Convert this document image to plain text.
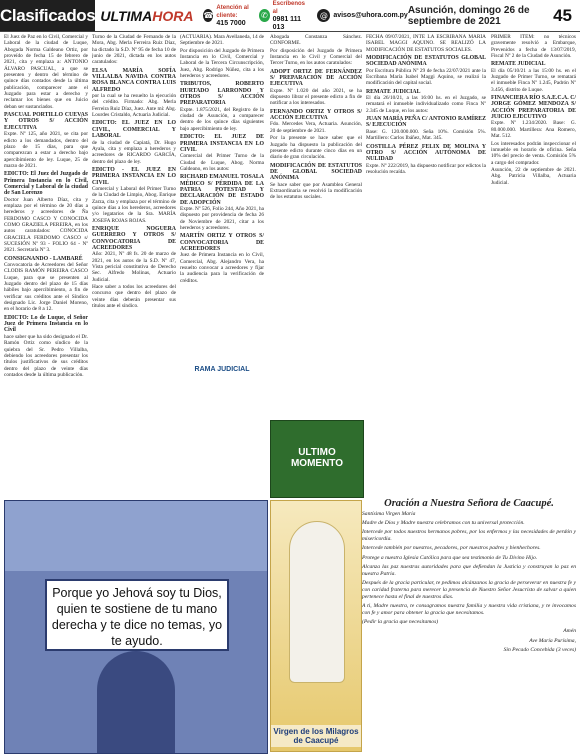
Clasificados ULTIMAHORA ☎
Atención al cliente:
415 7000
✆
Escríbenos al
0981 111 013
@ avisos@uhora.com.py Asunción, domingo 26 de septiembre de 2021	45

El Juez de Paz en lo Civil, Comercial y Laboral de la ciudad de Luque, Abogada Norma Galdeano Ortiz, por proveído de fecha 15 de febrero de 2021, cita y emplaza a: ANTONIO ÁLVARO PASCUAL, a que se presenten y dentro del término de quince días contados desde la última publicación, comparecer ante el Juzgado para estar a derecho y reclamar los bienes que en Juicio deban ser sustanciados.

PASCUAL PORTILLO CUEVAS Y OTROS S/ ACCIÓN EJECUTIVA

Expte. Nº 125, año 2021, se cita por edicto a los demandados, dentro del plazo de 15 días, para que comparezcan a estar a derecho bajo apercibimiento de ley. Luque, 25 de marzo de 2021.

EDICTO: El Juez del Juzgado de Primera Instancia en lo Civil, Comercial y Laboral de la ciudad de San Lorenzo

Doctor Juan Alberto Díaz, cita y emplaza por el término de 20 días a herederos y acreedores de Ña FERDOMO CASCO Y CONOCIDA COMO GRAZIELA PEREIRA, en los autos caratulados: CONOCIDA GRACIELA FERDOMO CASCO s/ SUCESIÓN Nº 93 - FOLIO 64 - Nº 2021. Secretaría Nº 3.

CONSIGNANDO - LAMBARÉ

Convocatoria de Acreedores del Señor CLODIS RAMÓN PEREIRA CASCO Luque, para que se presenten al Juzgado dentro del plazo de 15 días hábiles bajo apercibimiento, a fin de verificar sus créditos ante el Síndico designado Lic. Jorge Daniel Moreno, en el horario de 8 a 12.

EDICTO: Lo de Luque, el Señor Juez de Primera Instancia en lo Civil

hace saber que ha sido designado el Dr. Ramón Ortiz como síndico de la quiebra del Sr. Pedro Villalba, debiendo los acreedores presentar los títulos justificativos de sus créditos dentro del plazo de veinte días contados desde la última publicación.

Turno de la Ciudad de Fernando de la Mora, Abg. Merla Ferreira Ruiz Díaz, ha dictado la S.D. Nº 95 de fecha 10 de junio de 2021, dictada en los autos caratulados:

ELSA MARÍA SOFÍA VILLALBA NAVIDA CONTRA ROSA BLANCA CONTRA LUIS ALFREDO

por la cual se ha resuelto la ejecución del crédito. Firmado: Abg. Merla Ferreira Ruiz Díaz, Juez. Ante mí: Abg. Lourdes Cristaldo, Actuaria Judicial.

EDICTO: EL JUEZ EN LO CIVIL, COMERCIAL Y LABORAL

de la ciudad de Capiatá, Dr. Hugo Ayala, cita y emplaza a herederos y acreedores de RICARDO GARCÍA, dentro del plazo de ley.

EDICTO - EL JUEZ EN PRIMERA INSTANCIA EN LO CIVIL

Comercial y Laboral del Primer Turno de la Ciudad de Limpio, Abog. Enrique Zarza, cita y emplaza por el término de quince días a los herederos, acreedores y/o legatarios de la Sra. MARÍA JOSEFA ROJAS ROJAS.

ENRIQUE NOGUERA GUERRERO Y OTROS S/ CONVOCATORIA DE ACREEDORES

Año: 2021, Nº 48 fs. 20 de marzo de 2021, en los autos de la S.D. Nº 47, Vista pericial constitutiva de Derecho Sec. Alfredo Molinas, Actuario Judicial.

Hace saber a todos los acreedores del concurso que dentro del plazo de veinte días deberán presentar sus títulos ante el síndico.

(ACTUARIA). Mara Avellaneda, 14 de Septiembre de 2021.

Por disposición del Juzgado de Primera Instancia en lo Civil, Comercial y Laboral de la Tercera Circunscripción, Juez, Abg. Rodrigo Núñez, cita a los herederos y acreedores.

TRIBUTOS, ROBERTO HURTADO LARRONDO Y OTROS S/ ACCIÓN PREPARATORIA

Expte. 1.875/2021, del Registro de la ciudad de Asunción, a comparecer dentro de los quince días siguientes bajo apercibimiento de ley.

EDICTO: EL JUEZ DE PRIMERA INSTANCIA EN LO CIVIL

Comercial del Primer Turno de la Ciudad de Luque, Abog. Norma Galdeano, en los autos:

RICHARD EMANUEL TOSALA MÉDICO S/ PÉRDIDA DE LA PATRIA POTESTAD Y DECLARACIÓN DE ESTADO DE ADOPCIÓN

Expte. Nº 526, Folio 244, Año 2021, ha dispuesto por providencia de fecha 26 de Noviembre de 2021, citar a los herederos y acreedores.

MARTÍN ORTIZ Y OTROS S/ CONVOCATORIA DE ACREEDORES

Juez de Primera Instancia en lo Civil, Comercial, Abg. Alejandro Vera, ha resuelto convocar a acreedores y fijar la audiencia para la verificación de créditos.

Abogada Constanza Sánchez. CONFORME.

Por disposición del Juzgado de Primera Instancia en lo Civil y Comercial del Tercer Turno, en los autos caratulados:

ADOPT ORTIZ DE FERNÁNDEZ S/ PREPARACIÓN DE ACCIÓN EJECUTIVA

Expte. Nº 1.020 del año 2021, se ha dispuesto librar el presente edicto a fin de notificar a los interesados.

FERNANDO ORTIZ Y OTROS S/ ACCIÓN EJECUTIVA

Fdo. Mercedes Vera, Actuaria. Asunción, 20 de septiembre de 2021.

Por la presente se hace saber que el Juzgado ha dispuesto la publicación del presente edicto durante cinco días en un diario de gran circulación.

MODIFICACIÓN DE ESTATUTOS DE GLOBAL SOCIEDAD ANÓNIMA

Se hace saber que por Asamblea General Extraordinaria se resolvió la modificación de los estatutos sociales.

FECHA 09/07/2021, INTE LA ESCRIBANA MARÍA ISABEL MAGGI AQUINO. SE REALIZÓ LA MODIFICACIÓN DE ESTATUTOS SOCIALES.

MODIFICACIÓN DE ESTATUTOS GLOBAL SOCIEDAD ANÓNIMA

Por Escritura Pública Nº 29 de fecha 22/07/2021 ante la Escribana María Isabel Maggi Aquino, se realizó la modificación del capital social.

REMATE JUDICIAL

El día 26/10/21, a las 16:00 hs. en el Juzgado, se rematará el inmueble individualizado como Finca Nº 2.345 de Luque, en los autos:

JUAN MARÍA PEÑA C/ ANTONIO RAMÍREZ S/ EJECUCIÓN

Base: G. 120.000.000. Seña 10%. Comisión 5%. Martillero: Carlos Ibáñez, Mat. 345.

COSTILLA PÉREZ FELIX DE MOLINA Y OTRO S/ ACCIÓN AUTÓNOMA DE NULIDAD

Expte. Nº 222/2019, ha dispuesto notificar por edictos la resolución recaída.

PRIMER ITEM: no técnicos gravemente resolvió a Embarque, Prevenidos a fecha de 13/07/2019, Fiscal Nº 2 de la Ciudad de Asunción.

REMATE JUDICIAL

El día 05/10/21 a las 15:00 hs. en el Juzgado de Primer Turno, se rematará el inmueble Finca Nº 1.245, Padrón Nº 3.456, distrito de Luque.

FINANCIERA RÍO S.A.E.C.A. C/ JORGE GÓMEZ MENDOZA S/ ACCIÓN PREPARATORIA DE JUICIO EJECUTIVO

Expte. Nº 1.234/2020. Base: G. 80.000.000. Martillera: Ana Romero, Mat. 512.

Los interesados podrán inspeccionar el inmueble en horario de oficina. Seña 10% del precio de venta. Comisión 5% a cargo del comprador.

Asunción, 22 de septiembre de 2021. Abg. Patricia Villalba, Actuaria Judicial.

RAMA JUDICIAL
ULTIMO MOMENTO
Porque yo Jehová soy tu Dios, quien te sostiene de tu mano derecha y te dice no temas, yo te ayudo.
Virgen de los Milagros de Caacupé
Oración a Nuestra Señora de Caacupé.

Santísima Virgen María

Madre de Dios y Madre nuestra celebramos con tu universal protección.

Intercede por todos nuestros hermanos pobres, por los enfermos y las necesidades de perdón y misericordia.

Intercede también por nuestros, pecadores, por nuestros padres y bienhechores.

Protege a nuestra Iglesia Católica para que sea testimonio de Tu Divino Hijo.

Alcanza las paz nuestras autoridades para que defiendan la Justicia y construyan la paz en nuestra Patria.

Después de la gracia particular, te pedimos alcánzanos la gracia de perseverar en nuestra fe y con caridad fraterna para merecer la presencia de Nuestro Señor Jesucristo de salvar a quien pertenece hasta el final de nuestros días.

A ti, Madre nuestra, te consagramos nuestra familia y nuestra vida cristiana, y te invocamos con fe y amor para obtener la gracia que necesitamos.

(Pedir la gracia que necesitamos)

Amén

Ave María Purísima,

Sin Pecado Concebida (3 veces)
